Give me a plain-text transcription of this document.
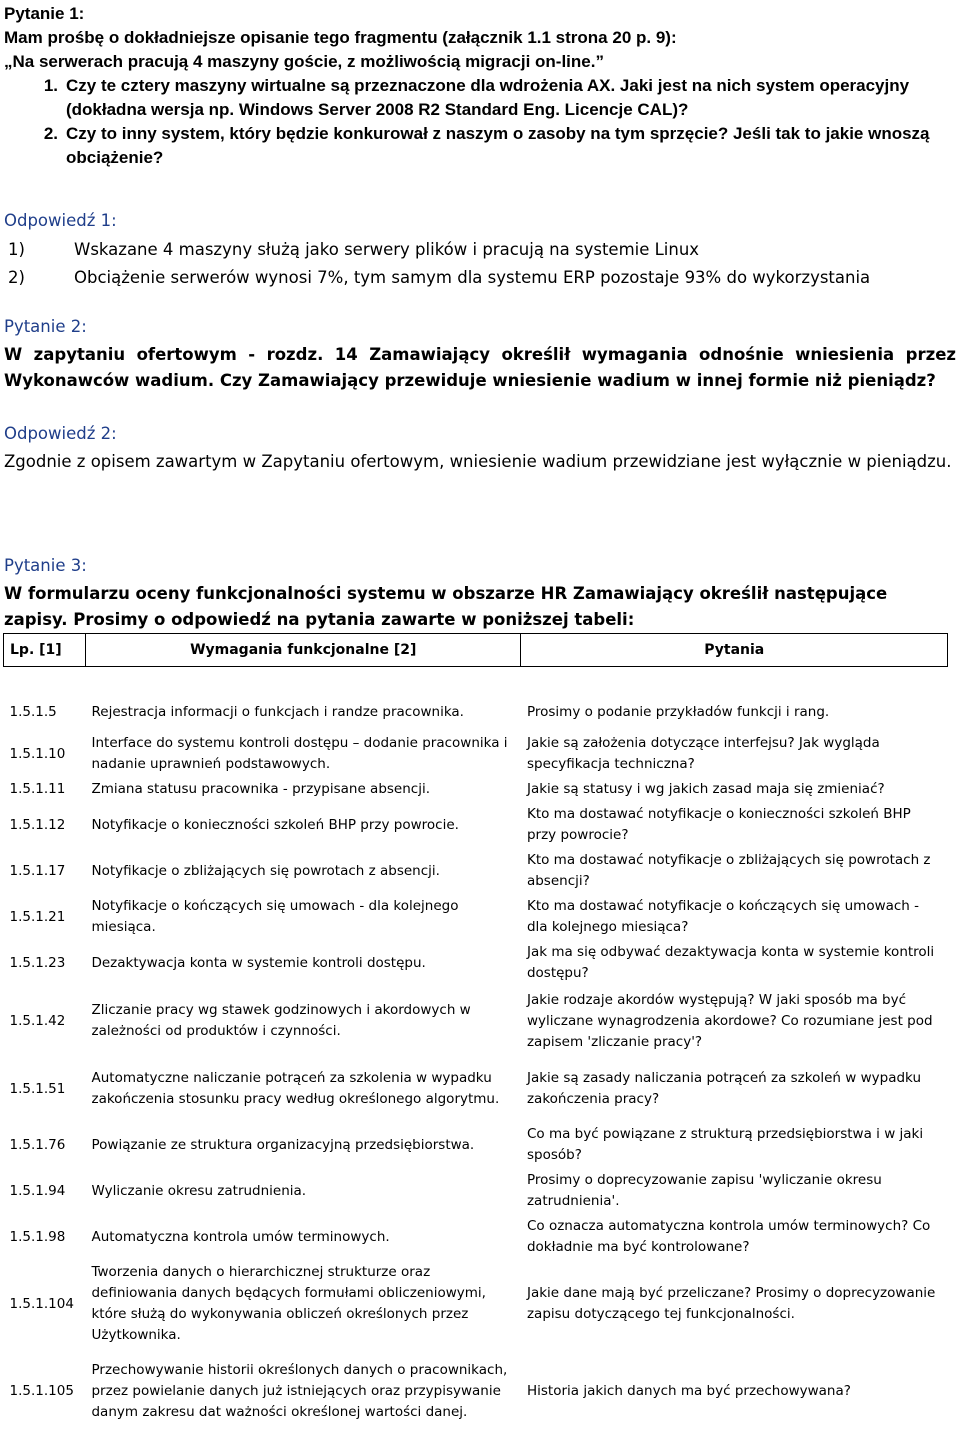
Pytanie 1:
Mam prośbę o dokładniejsze opisanie tego fragmentu (załącznik 1.1 strona 20 p. 9):
„Na serwerach pracują 4 maszyny goście, z możliwością migracji on-line.”
1. Czy te cztery maszyny wirtualne są przeznaczone dla wdrożenia AX. Jaki jest na nich system operacyjny (dokładna wersja np. Windows Server 2008 R2 Standard Eng. Licencje CAL)?
2. Czy to inny system, który będzie konkurował z naszym o zasoby na tym sprzęcie? Jeśli tak to jakie wnoszą obciążenie?
Odpowiedź 1:
1)	Wskazane 4 maszyny służą jako serwery plików i pracują na systemie Linux
2)	Obciążenie serwerów wynosi 7%, tym samym dla systemu ERP pozostaje 93% do wykorzystania
Pytanie 2:
W zapytaniu ofertowym - rozdz. 14 Zamawiający określił wymagania odnośnie wniesienia przez Wykonawców wadium. Czy Zamawiający przewiduje wniesienie wadium w innej formie niż pieniądz?
Odpowiedź 2:
Zgodnie z opisem zawartym w Zapytaniu ofertowym, wniesienie wadium przewidziane jest wyłącznie w pieniądzu.
Pytanie 3:
W formularzu oceny funkcjonalności systemu w obszarze HR Zamawiający określił następujące zapisy. Prosimy o odpowiedź na pytania zawarte w poniższej tabeli:
Lp. [1]	Wymagania funkcjonalne [2]	Pytania

1.5.1.5	Rejestracja informacji o funkcjach i randze pracownika.	Prosimy o podanie przykładów funkcji i rang.
1.5.1.10	Interface do systemu kontroli dostępu – dodanie pracownika i nadanie uprawnień podstawowych.	Jakie są założenia dotyczące interfejsu? Jak wygląda specyfikacja techniczna?
1.5.1.11	Zmiana statusu pracownika - przypisane absencji.	Jakie są statusy i wg jakich zasad maja się zmieniać?
1.5.1.12	Notyfikacje o konieczności szkoleń BHP przy powrocie.	Kto ma dostawać notyfikacje o konieczności szkoleń BHP przy powrocie?
1.5.1.17	Notyfikacje o zbliżających się powrotach z absencji.	Kto ma dostawać notyfikacje o zbliżających się powrotach z absencji?
1.5.1.21	Notyfikacje o kończących się umowach - dla kolejnego miesiąca.	Kto ma dostawać notyfikacje o kończących się umowach - dla kolejnego miesiąca?
1.5.1.23	Dezaktywacja konta w systemie kontroli dostępu.	Jak ma się odbywać dezaktywacja konta w systemie kontroli dostępu?
1.5.1.42	Zliczanie pracy wg stawek godzinowych i akordowych w zależności od produktów i czynności.	Jakie rodzaje akordów występują? W jaki sposób ma być wyliczane wynagrodzenia akordowe? Co rozumiane jest pod zapisem 'zliczanie pracy'?
1.5.1.51	Automatyczne naliczanie potrąceń za szkolenia w wypadku zakończenia stosunku pracy według określonego algorytmu.	Jakie są zasady naliczania potrąceń za szkoleń w wypadku zakończenia pracy?
1.5.1.76	Powiązanie ze struktura organizacyjną przedsiębiorstwa.	Co ma być powiązane z strukturą przedsiębiorstwa i w jaki sposób?
1.5.1.94	Wyliczanie okresu zatrudnienia.	Prosimy o doprecyzowanie zapisu 'wyliczanie okresu zatrudnienia'.
1.5.1.98	Automatyczna kontrola umów terminowych.	Co oznacza automatyczna kontrola umów terminowych? Co dokładnie ma być kontrolowane?
1.5.1.104	Tworzenia danych o hierarchicznej strukturze oraz definiowania danych będących formułami obliczeniowymi, które służą do wykonywania obliczeń określonych przez Użytkownika.	Jakie dane mają być przeliczane? Prosimy o doprecyzowanie zapisu dotyczącego tej funkcjonalności.
1.5.1.105	Przechowywanie historii określonych danych o pracownikach, przez powielanie danych już istniejących oraz przypisywanie danym zakresu dat ważności określonej wartości danej.	Historia jakich danych ma być przechowywana?
